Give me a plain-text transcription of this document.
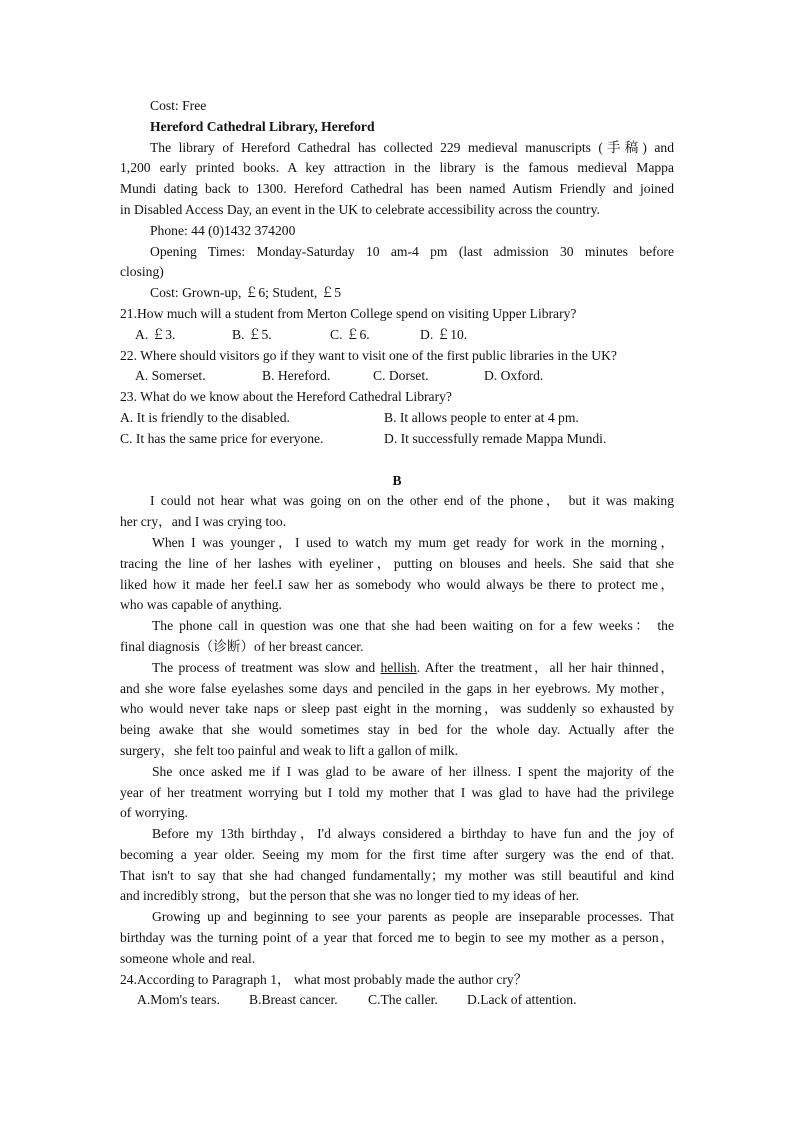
Cost: Free
Hereford Cathedral Library, Hereford
The library of Hereford Cathedral has collected 229 medieval manuscripts (手稿) and
1,200 early printed books. A key attraction in the library is the famous medieval Mappa
Mundi dating back to 1300. Hereford Cathedral has been named Autism Friendly and joined
in Disabled Access Day, an event in the UK to celebrate accessibility across the country.
Phone: 44 (0)1432 374200
Opening Times: Monday-Saturday 10 am-4 pm (last admission 30 minutes before
closing)
Cost: Grown-up, ￡6; Student, ￡5
21.How much will a student from Merton College spend on visiting Upper Library?
A. ￡3.	B. ￡5.	C. ￡6.	D. ￡10.
22. Where should visitors go if they want to visit one of the first public libraries in the UK?
A. Somerset.	B. Hereford.	C. Dorset.	D. Oxford.
23. What do we know about the Hereford Cathedral Library?
A. It is friendly to the disabled.	B. It allows people to enter at 4 pm.
C. It has the same price for everyone.	D. It successfully remade Mappa Mundi.
B
I could not hear what was going on on the other end of the phone， but it was making
her cry，and I was crying too.
When I was younger，I used to watch my mum get ready for work in the morning，
tracing the line of her lashes with eyeliner，putting on blouses and heels. She said that she
liked how it made her feel.I saw her as somebody who would always be there to protect me，
who was capable of anything.
The phone call in question was one that she had been waiting on for a few weeks： the
final diagnosis（诊断）of her breast cancer.
The process of treatment was slow and hellish. After the treatment，all her hair thinned，
and she wore false eyelashes some days and penciled in the gaps in her eyebrows. My mother，
who would never take naps or sleep past eight in the morning，was suddenly so exhausted by
being awake that she would sometimes stay in bed for the whole day. Actually after the
surgery，she felt too painful and weak to lift a gallon of milk.
She once asked me if I was glad to be aware of her illness. I spent the majority of the
year of her treatment worrying but I told my mother that I was glad to have had the privilege
of worrying.
Before my 13th birthday，I'd always considered a birthday to have fun and the joy of
becoming a year older. Seeing my mom for the first time after surgery was the end of that.
That isn't to say that she had changed fundamentally；my mother was still beautiful and kind
and incredibly strong，but the person that she was no longer tied to my ideas of her.
Growing up and beginning to see your parents as people are inseparable processes. That
birthday was the turning point of a year that forced me to begin to see my mother as a person，
someone whole and real.
24.According to Paragraph 1， what most probably made the author cry？
A.Mom's tears.	B.Breast cancer.	C.The caller.	D.Lack of attention.
